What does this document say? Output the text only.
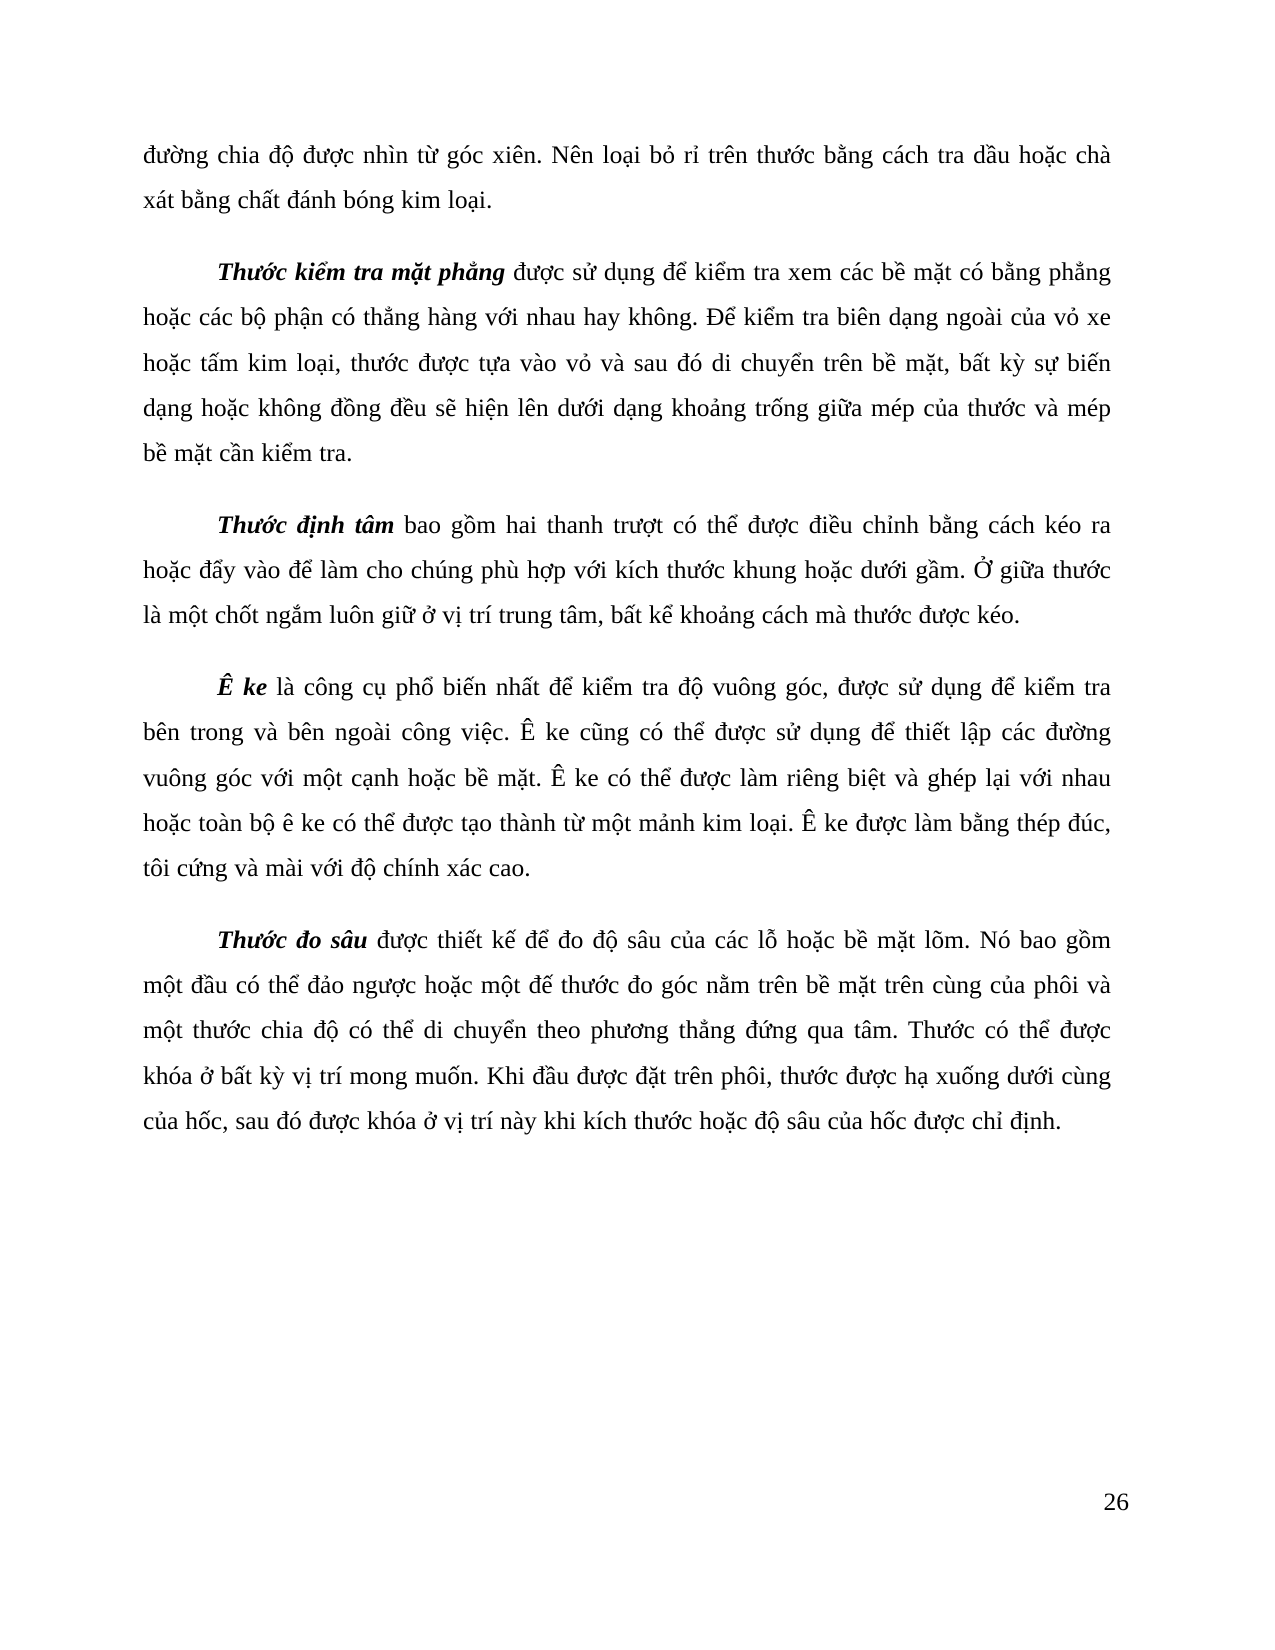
đường chia độ được nhìn từ góc xiên. Nên loại bỏ rỉ trên thước bằng cách tra dầu hoặc chà xát bằng chất đánh bóng kim loại.

Thước kiểm tra mặt phẳng được sử dụng để kiểm tra xem các bề mặt có bằng phẳng hoặc các bộ phận có thẳng hàng với nhau hay không. Để kiểm tra biên dạng ngoài của vỏ xe hoặc tấm kim loại, thước được tựa vào vỏ và sau đó di chuyển trên bề mặt, bất kỳ sự biến dạng hoặc không đồng đều sẽ hiện lên dưới dạng khoảng trống giữa mép của thước và mép bề mặt cần kiểm tra.

Thước định tâm bao gồm hai thanh trượt có thể được điều chỉnh bằng cách kéo ra hoặc đẩy vào để làm cho chúng phù hợp với kích thước khung hoặc dưới gầm. Ở giữa thước là một chốt ngắm luôn giữ ở vị trí trung tâm, bất kể khoảng cách mà thước được kéo.

Ê ke là công cụ phổ biến nhất để kiểm tra độ vuông góc, được sử dụng để kiểm tra bên trong và bên ngoài công việc. Ê ke cũng có thể được sử dụng để thiết lập các đường vuông góc với một cạnh hoặc bề mặt. Ê ke có thể được làm riêng biệt và ghép lại với nhau hoặc toàn bộ ê ke có thể được tạo thành từ một mảnh kim loại. Ê ke được làm bằng thép đúc, tôi cứng và mài với độ chính xác cao.

Thước đo sâu được thiết kế để đo độ sâu của các lỗ hoặc bề mặt lõm. Nó bao gồm một đầu có thể đảo ngược hoặc một đế thước đo góc nằm trên bề mặt trên cùng của phôi và một thước chia độ có thể di chuyển theo phương thẳng đứng qua tâm. Thước có thể được khóa ở bất kỳ vị trí mong muốn. Khi đầu được đặt trên phôi, thước được hạ xuống dưới cùng của hốc, sau đó được khóa ở vị trí này khi kích thước hoặc độ sâu của hốc được chỉ định.

26
